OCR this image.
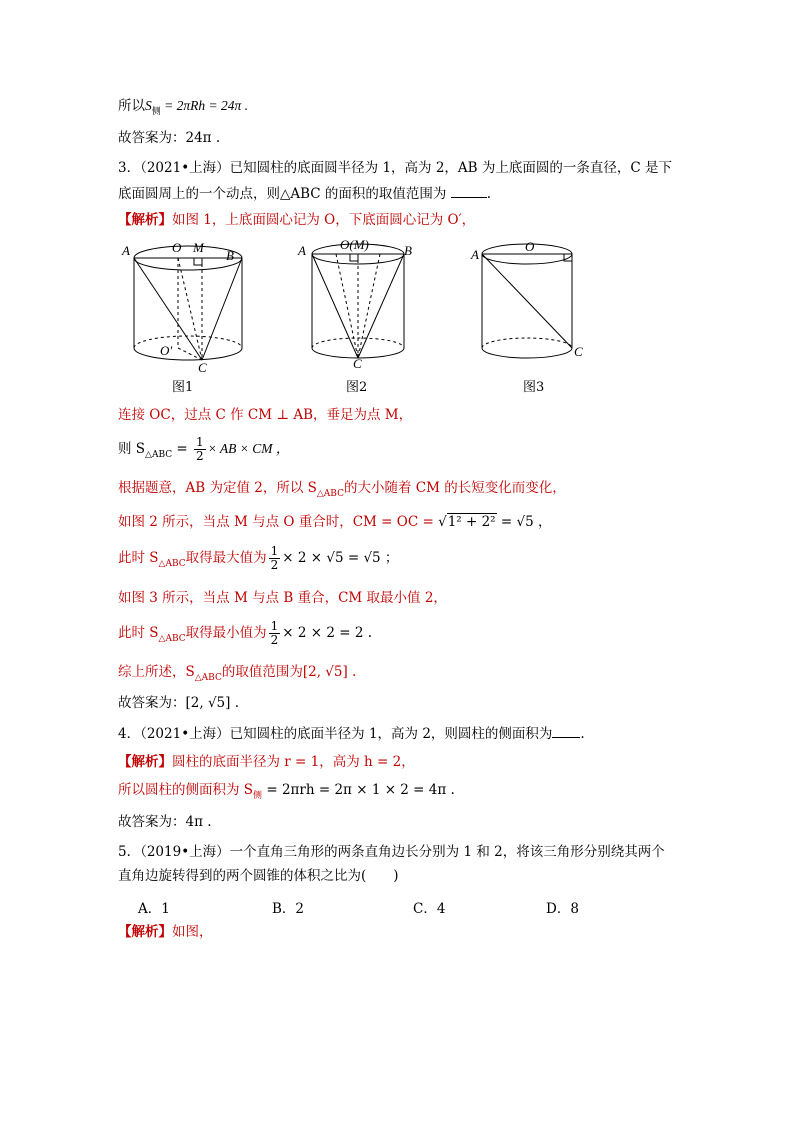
所以$S_侧 = 2\pi Rh = 24\pi$ .
故答案为：24π .
3．（2021•上海）已知圆柱的底面圆半径为 1，高为 2，AB 为上底面圆的一条直径，C 是下
底面圆周上的一个动点，则△ABC 的面积的取值范围为	.
【解析】如图 1，上底面圆心记为 O，下底面圆心记为 O′，
A	O M
B
O′
C
图1
A	O(M)	B
C
图2
A
O
C
图3
连接 OC，过点 C 作 CM ⊥ AB，垂足为点 M，
则 $S_{\triangle ABC} = \frac{1}{2}$ × AB × CM ，
根据题意，AB 为定值 2，所以 $S_{\triangle ABC}$的大小随着 CM 的长短变化而变化，
如图 2 所示，当点 M 与点 O 重合时，CM = OC = √1² + 2² = √5 ，
此时 $S_{\triangle ABC}$取得最大值为 $\frac{1}{2} \times 2 \times √5 = √5$ ；
如图 3 所示，当点 M 与点 B 重合，CM 取最小值 2，
此时 $S_{\triangle ABC}$取得最小值为 $\frac{1}{2} \times 2 \times 2 = 2$ .
综上所述，$S_{\triangle ABC}$的取值范围为[2, √5] .
故答案为：[2, √5] .
4．（2021•上海）已知圆柱的底面半径为 1，高为 2，则圆柱的侧面积为 .
【解析】圆柱的底面半径为 r = 1，高为 h = 2，
所以圆柱的侧面积为 $S_侧 = 2\pi rh = 2\pi \times 1 \times 2 = 4\pi$ .
故答案为：4π .
5．（2019•上海）一个直角三角形的两条直角边长分别为 1 和 2，将该三角形分别绕其两个
直角边旋转得到的两个圆锥的体积之比为(　　)
A．1	B．2	C．4	D．8
【解析】如图，
